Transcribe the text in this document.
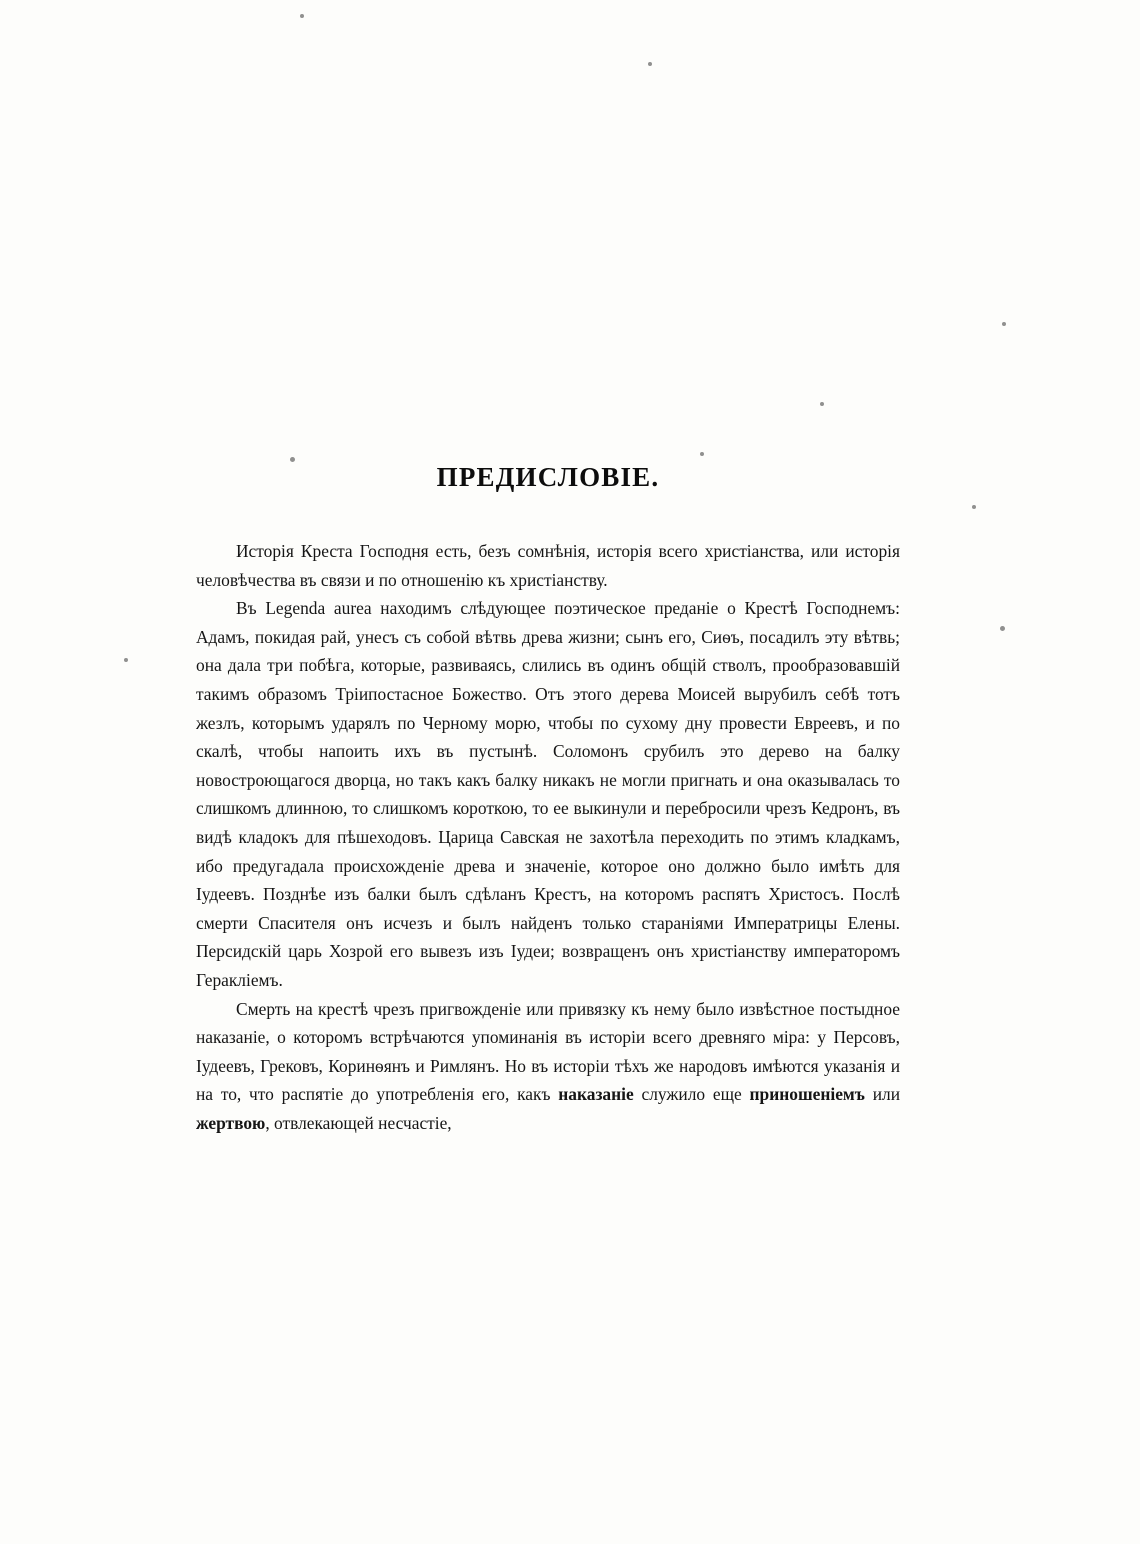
ПРЕДИСЛОВІЕ.

Исторія Креста Господня есть, безъ сомнѣнія, исторія всего христіанства, или исторія человѣчества въ связи и по отношенію къ христіанству.

Въ Legenda aurea находимъ слѣдующее поэтическое преданіе о Крестѣ Господнемъ: Адамъ, покидая рай, унесъ съ собой вѣтвь древа жизни; сынъ его, Сиѳъ, посадилъ эту вѣтвь; она дала три побѣга, которые, развиваясь, слились въ одинъ общій стволъ, прообразовавшій такимъ образомъ Тріипостасное Божество. Отъ этого дерева Моисей вырубилъ себѣ тотъ жезлъ, которымъ ударялъ по Черному морю, чтобы по сухому дну провести Евреевъ, и по скалѣ, чтобы напоить ихъ въ пустынѣ. Соломонъ срубилъ это дерево на балку новостроющагося дворца, но такъ какъ балку никакъ не могли пригнать и она оказывалась то слишкомъ длинною, то слишкомъ короткою, то ее выкинули и перебросили чрезъ Кедронъ, въ видѣ кладокъ для пѣшеходовъ. Царица Савская не захотѣла переходить по этимъ кладкамъ, ибо предугадала происхожденіе древа и значеніе, которое оно должно было имѣть для Іудеевъ. Позднѣе изъ балки былъ сдѣланъ Крестъ, на которомъ распятъ Христосъ. Послѣ смерти Спасителя онъ исчезъ и былъ найденъ только стараніями Императрицы Елены. Персидскій царь Хозрой его вывезъ изъ Іудеи; возвращенъ онъ христіанству императоромъ Геракліемъ.

Смерть на крестѣ чрезъ пригвожденіе или привязку къ нему было извѣстное постыдное наказаніе, о которомъ встрѣчаются упоминанія въ исторіи всего древняго міра: у Персовъ, Іудеевъ, Грековъ, Коринѳянъ и Римлянъ. Но въ исторіи тѣхъ же народовъ имѣются указанія и на то, что распятіе до употребленія его, какъ наказаніе служило еще приношеніемъ или жертвою, отвлекающей несчастіе,
